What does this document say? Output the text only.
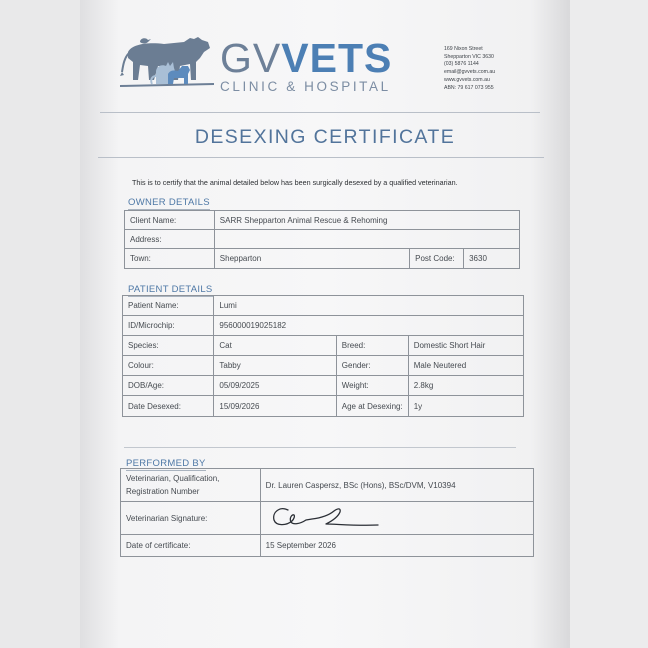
GVVETS
CLINIC & HOSPITAL
169 Nixon Street
Shepparton VIC 3630
(03) 5876 1144
email@gvvets.com.au
www.gvvets.com.au
ABN: 79 617 073 955
DESEXING CERTIFICATE
This is to certify that the animal detailed below has been surgically desexed by a qualified veterinarian.
OWNER DETAILS
Client Name:	SARR Shepparton Animal Rescue & Rehoming		
Address:			
Town:	Shepparton	Post Code:	3630
PATIENT DETAILS
Patient Name:	Lumi		
ID/Microchip:	956000019025182		
Species:	Cat	Breed:	Domestic Short Hair
Colour:	Tabby	Gender:	Male Neutered
DOB/Age:	05/09/2025	Weight:	2.8kg
Date Desexed:	15/09/2026	Age at Desexing:	1y
PERFORMED BY
Veterinarian, Qualification,
Registration Number	Dr. Lauren Caspersz, BSc (Hons), BSc/DVM, V10394
Veterinarian Signature:	
Date of certificate:	15 September 2026
